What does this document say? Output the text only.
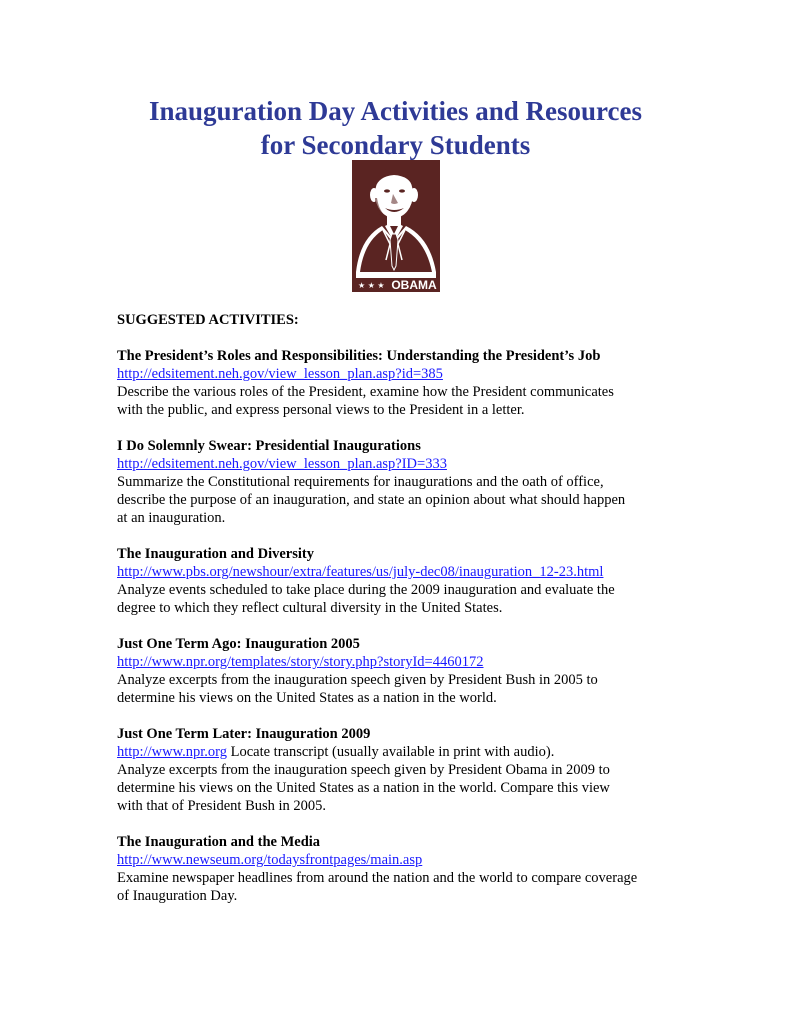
Inauguration Day Activities and Resources
for Secondary Students
★ ★ ★ OBAMA

SUGGESTED ACTIVITIES:

The President’s Roles and Responsibilities: Understanding the President’s Job
http://edsitement.neh.gov/view_lesson_plan.asp?id=385
Describe the various roles of the President, examine how the President communicates
with the public, and express personal views to the President in a letter.
I Do Solemnly Swear: Presidential Inaugurations
http://edsitement.neh.gov/view_lesson_plan.asp?ID=333
Summarize the Constitutional requirements for inaugurations and the oath of office,
describe the purpose of an inauguration, and state an opinion about what should happen
at an inauguration.
The Inauguration and Diversity
http://www.pbs.org/newshour/extra/features/us/july-dec08/inauguration_12-23.html
Analyze events scheduled to take place during the 2009 inauguration and evaluate the
degree to which they reflect cultural diversity in the United States.
Just One Term Ago: Inauguration 2005
http://www.npr.org/templates/story/story.php?storyId=4460172
Analyze excerpts from the inauguration speech given by President Bush in 2005 to
determine his views on the United States as a nation in the world.
Just One Term Later: Inauguration 2009
http://www.npr.org Locate transcript (usually available in print with audio).
Analyze excerpts from the inauguration speech given by President Obama in 2009 to
determine his views on the United States as a nation in the world. Compare this view
with that of President Bush in 2005.
The Inauguration and the Media
http://www.newseum.org/todaysfrontpages/main.asp
Examine newspaper headlines from around the nation and the world to compare coverage
of Inauguration Day.
